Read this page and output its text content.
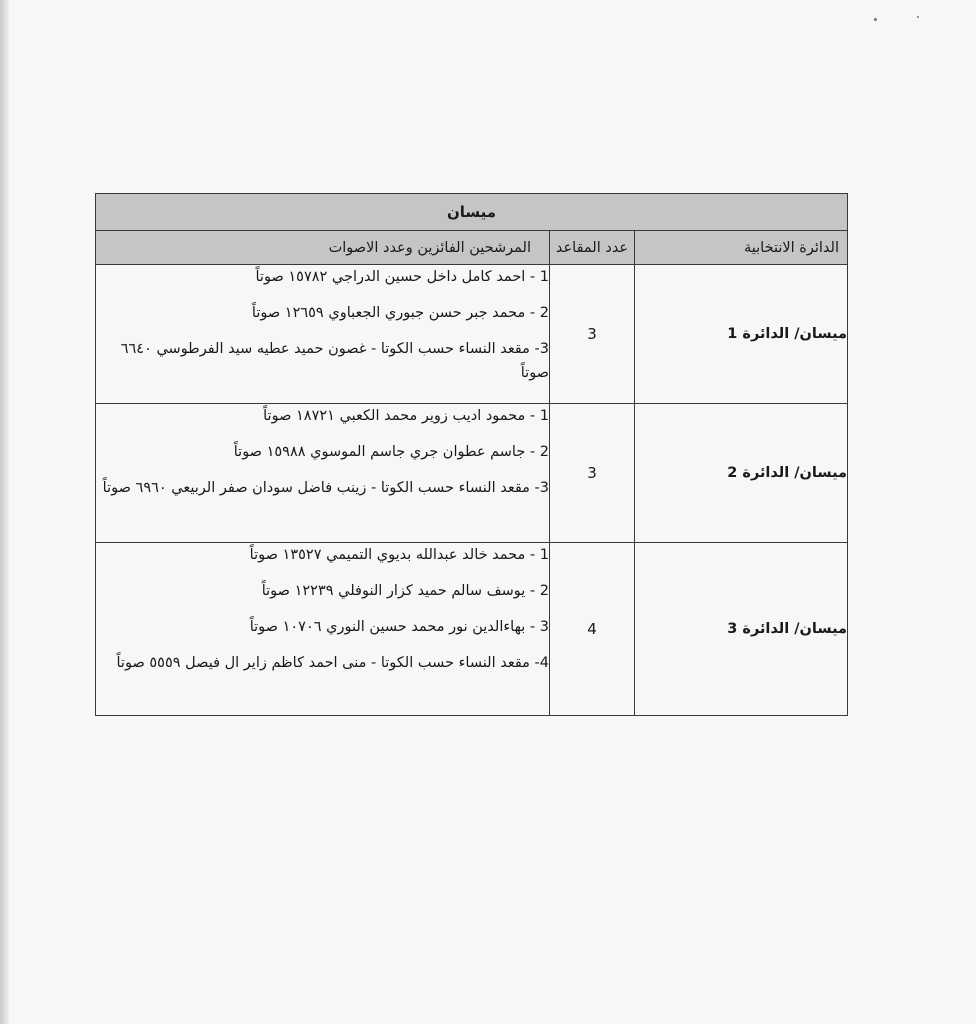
ميسان		
الدائرة الانتخابية	عدد المقاعد	المرشحين الفائزين وعدد الاصوات
ميسان/ الدائرة 1	3	1 - احمد كامل داخل حسين الدراجي ١٥٧٨٢ صوتاً
2 - محمد جبر حسن جبوري الجعباوي ١٢٦٥٩ صوتاً
3- مقعد النساء حسب الكوتا - غصون حميد عطيه سيد الفرطوسي ٦٦٤٠ صوتاً

ميسان/ الدائرة 2	3	1 - محمود اديب زوير محمد الكعبي ١٨٧٢١ صوتاً
2 - جاسم عطوان جري جاسم الموسوي ١٥٩٨٨ صوتاً
3- مقعد النساء حسب الكوتا - زينب فاضل سودان صفر الربيعي ٦٩٦٠ صوتاً

ميسان/ الدائرة 3	4	1 - محمد خالد عبدالله بديوي التميمي ١٣٥٢٧ صوتاً
2 - يوسف سالم حميد كزار النوفلي ١٢٢٣٩ صوتاً
3 - بهاءالدين نور محمد حسين النوري ١٠٧٠٦ صوتاً
4- مقعد النساء حسب الكوتا - منى احمد كاظم زاير ال فيصل ٥٥٥٩ صوتاً
